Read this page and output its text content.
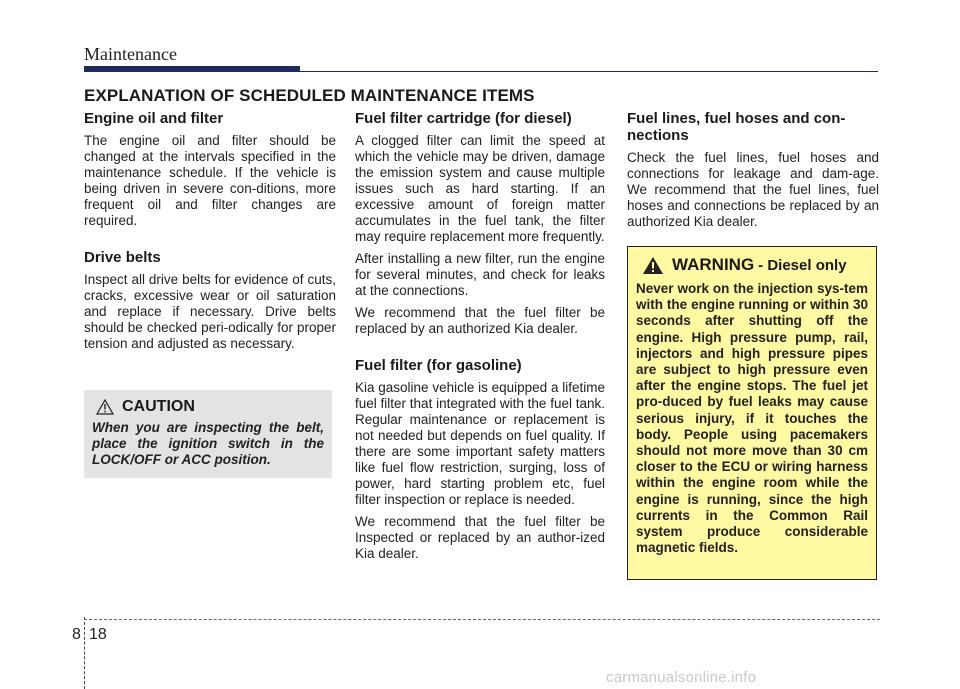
Maintenance
EXPLANATION OF SCHEDULED MAINTENANCE ITEMS
Engine oil and filter

The engine oil and filter should be changed at the intervals specified in the maintenance schedule. If the vehicle is being driven in severe con-ditions, more frequent oil and filter changes are required.

Drive belts

Inspect all drive belts for evidence of cuts, cracks, excessive wear or oil saturation and replace if necessary. Drive belts should be checked peri-odically for proper tension and adjusted as necessary.

CAUTION
When you are inspecting the belt, place the ignition switch in the LOCK/OFF or ACC position.
Fuel filter cartridge (for diesel)

A clogged filter can limit the speed at which the vehicle may be driven, damage the emission system and cause multiple issues such as hard starting. If an excessive amount of foreign matter accumulates in the fuel tank, the filter may require replacement more frequently.

After installing a new filter, run the engine for several minutes, and check for leaks at the connections.

We recommend that the fuel filter be replaced by an authorized Kia dealer.

Fuel filter (for gasoline)

Kia gasoline vehicle is equipped a lifetime fuel filter that integrated with the fuel tank. Regular maintenance or replacement is not needed but depends on fuel quality. If there are some important safety matters like fuel flow restriction, surging, loss of power, hard starting problem etc, fuel filter inspection or replace is needed.

We recommend that the fuel filter be Inspected or replaced by an author-ized Kia dealer.

Fuel lines, fuel hoses and con-nections

Check the fuel lines, fuel hoses and connections for leakage and dam-age. We recommend that the fuel lines, fuel hoses and connections be replaced by an authorized Kia dealer.

WARNING - Diesel only
Never work on the injection sys-tem with the engine running or within 30 seconds after shutting off the engine. High pressure pump, rail, injectors and high pressure pipes are subject to high pressure even after the engine stops. The fuel jet pro-duced by fuel leaks may cause serious injury, if it touches the body. People using pacemakers should not more move than 30 cm closer to the ECU or wiring harness within the engine room while the engine is running, since the high currents in the Common Rail system produce considerable magnetic fields.
8 18
carmanualsonline.info
